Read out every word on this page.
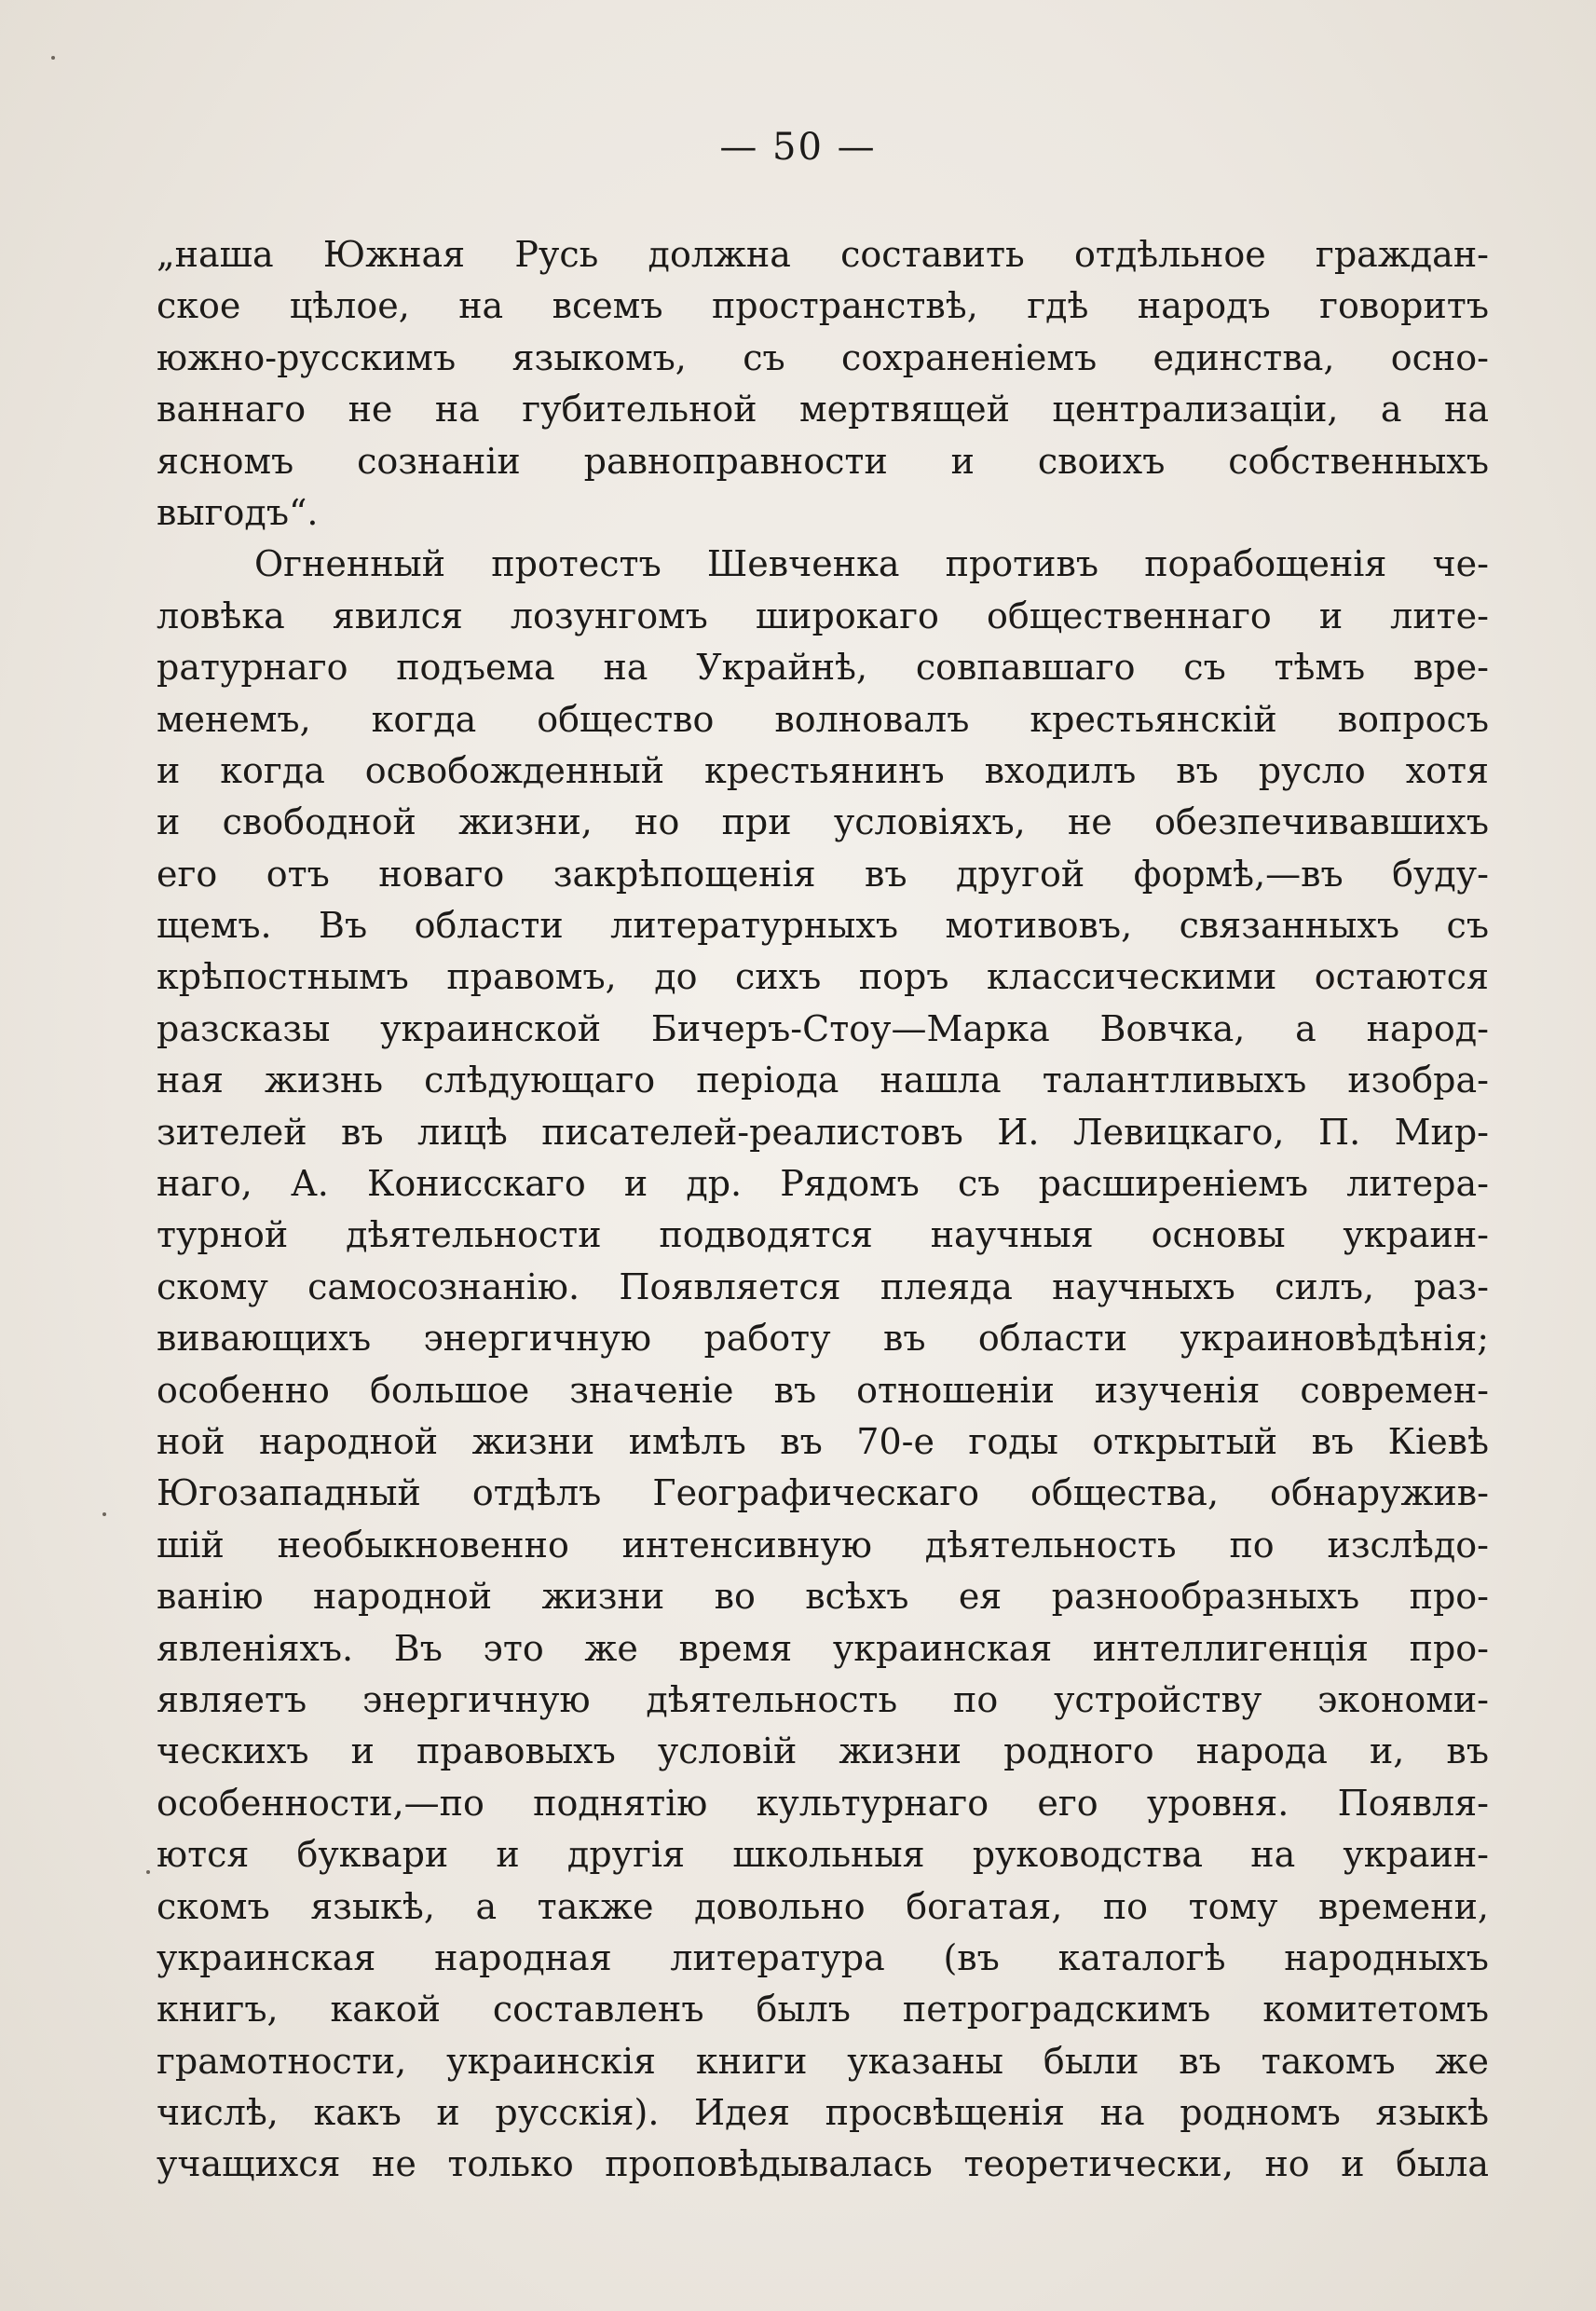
— 50 —
„наша Южная Русь должна составить отдѣльное граждан-
ское цѣлое, на всемъ пространствѣ, гдѣ народъ говоритъ
южно-русскимъ языкомъ, съ сохраненіемъ единства, осно-
ваннаго не на губительной мертвящей централизаціи, а на
ясномъ сознаніи равноправности и своихъ собственныхъ
выгодъ“.
Огненный протестъ Шевченка противъ порабощенія че-
ловѣка явился лозунгомъ широкаго общественнаго и лите-
ратурнаго подъема на Украйнѣ, совпавшаго съ тѣмъ вре-
менемъ, когда общество волновалъ крестьянскій вопросъ
и когда освобожденный крестьянинъ входилъ въ русло хотя
и свободной жизни, но при условіяхъ, не обезпечивавшихъ
его отъ новаго закрѣпощенія въ другой формѣ,—въ буду-
щемъ. Въ области литературныхъ мотивовъ, связанныхъ съ
крѣпостнымъ правомъ, до сихъ поръ классическими остаются
разсказы украинской Бичеръ-Стоу—Марка Вовчка, а народ-
ная жизнь слѣдующаго періода нашла талантливыхъ изобра-
зителей въ лицѣ писателей-реалистовъ И. Левицкаго, П. Мир-
наго, А. Конисскаго и др. Рядомъ съ расширеніемъ литера-
турной дѣятельности подводятся научныя основы украин-
скому самосознанію. Появляется плеяда научныхъ силъ, раз-
вивающихъ энергичную работу въ области украиновѣдѣнія;
особенно большое значеніе въ отношеніи изученія современ-
ной народной жизни имѣлъ въ 70-е годы открытый въ Кіевѣ
Югозападный отдѣлъ Географическаго общества, обнаружив-
шій необыкновенно интенсивную дѣятельность по изслѣдо-
ванію народной жизни во всѣхъ ея разнообразныхъ про-
явленіяхъ. Въ это же время украинская интеллигенція про-
являетъ энергичную дѣятельность по устройству экономи-
ческихъ и правовыхъ условій жизни родного народа и, въ
особенности,—по поднятію культурнаго его уровня. Появля-
ются буквари и другія школьныя руководства на украин-
скомъ языкѣ, а также довольно богатая, по тому времени,
украинская народная литература (въ каталогѣ народныхъ
книгъ, какой составленъ былъ петроградскимъ комитетомъ
грамотности, украинскія книги указаны были въ такомъ же
числѣ, какъ и русскія). Идея просвѣщенія на родномъ языкѣ
учащихся не только проповѣдывалась теоретически, но и была
